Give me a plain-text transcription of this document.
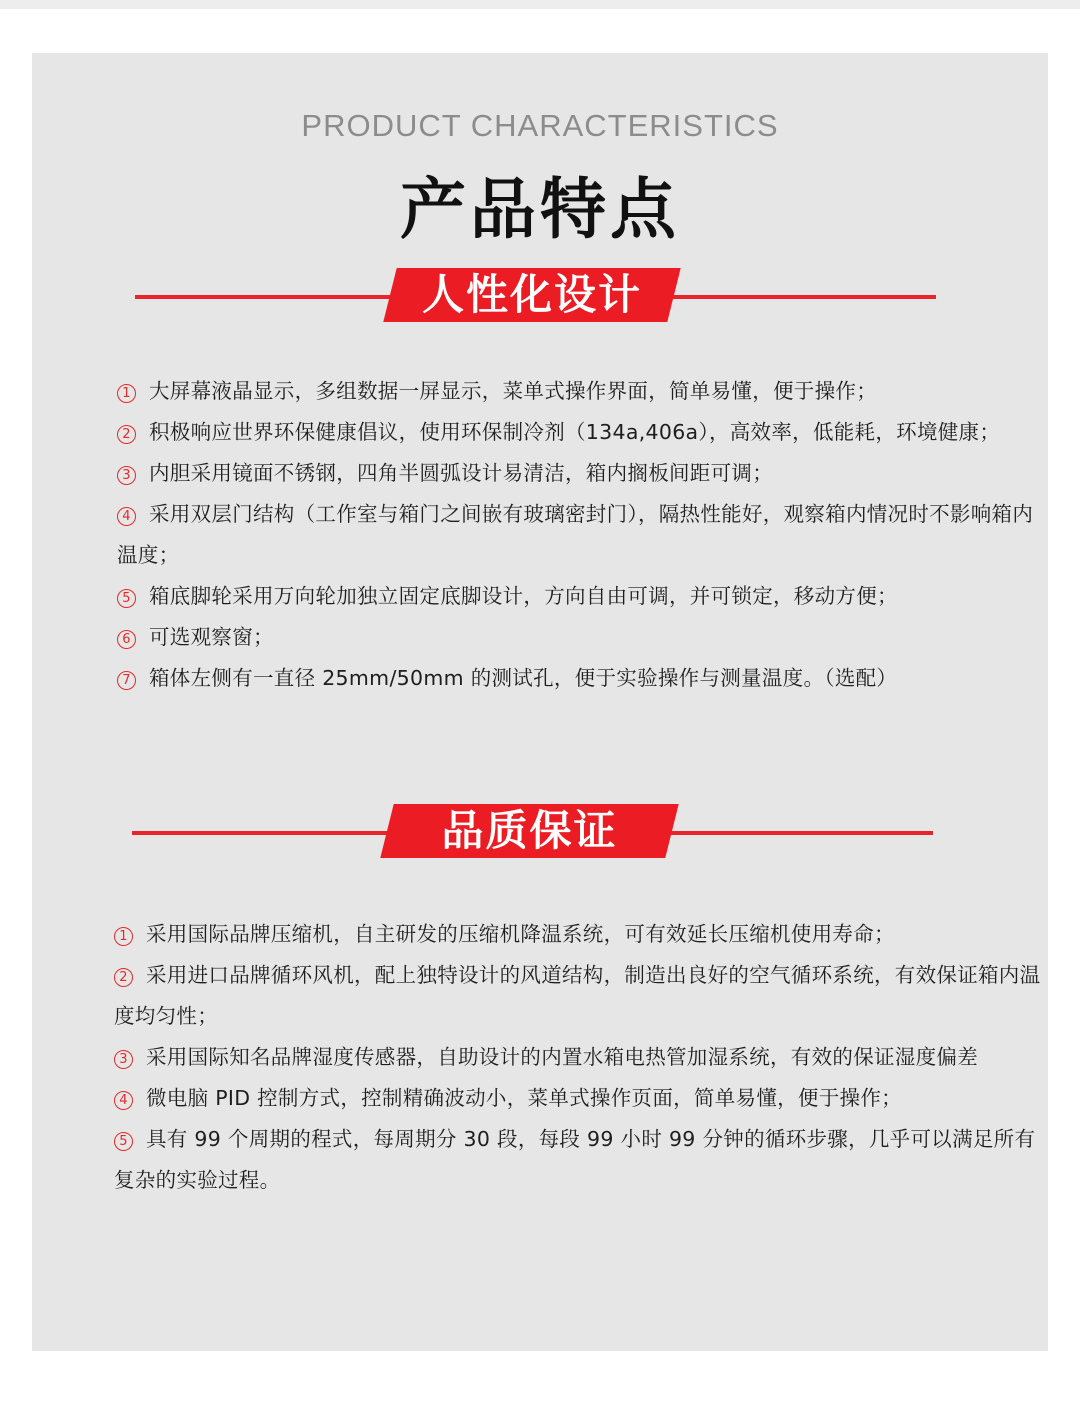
PRODUCT CHARACTERISTICS
产品特点
人性化设计
1 大屏幕液晶显示，多组数据一屏显示，菜单式操作界面，简单易懂，便于操作；
2 积极响应世界环保健康倡议，使用环保制冷剂（134a,406a），高效率，低能耗，环境健康；
3 内胆采用镜面不锈钢，四角半圆弧设计易清洁，箱内搁板间距可调；
4 采用双层门结构（工作室与箱门之间嵌有玻璃密封门），隔热性能好，观察箱内情况时不影响箱内温度；
5 箱底脚轮采用万向轮加独立固定底脚设计，方向自由可调，并可锁定，移动方便；
6 可选观察窗；
7 箱体左侧有一直径 25mm/50mm 的测试孔，便于实验操作与测量温度。（选配）
品质保证
1 采用国际品牌压缩机，自主研发的压缩机降温系统，可有效延长压缩机使用寿命；
2 采用进口品牌循环风机，配上独特设计的风道结构，制造出良好的空气循环系统，有效保证箱内温度均匀性；
3 采用国际知名品牌湿度传感器，自助设计的内置水箱电热管加湿系统，有效的保证湿度偏差
4 微电脑 PID 控制方式，控制精确波动小，菜单式操作页面，简单易懂，便于操作；
5 具有 99 个周期的程式，每周期分 30 段，每段 99 小时 99 分钟的循环步骤，几乎可以满足所有复杂的实验过程。
